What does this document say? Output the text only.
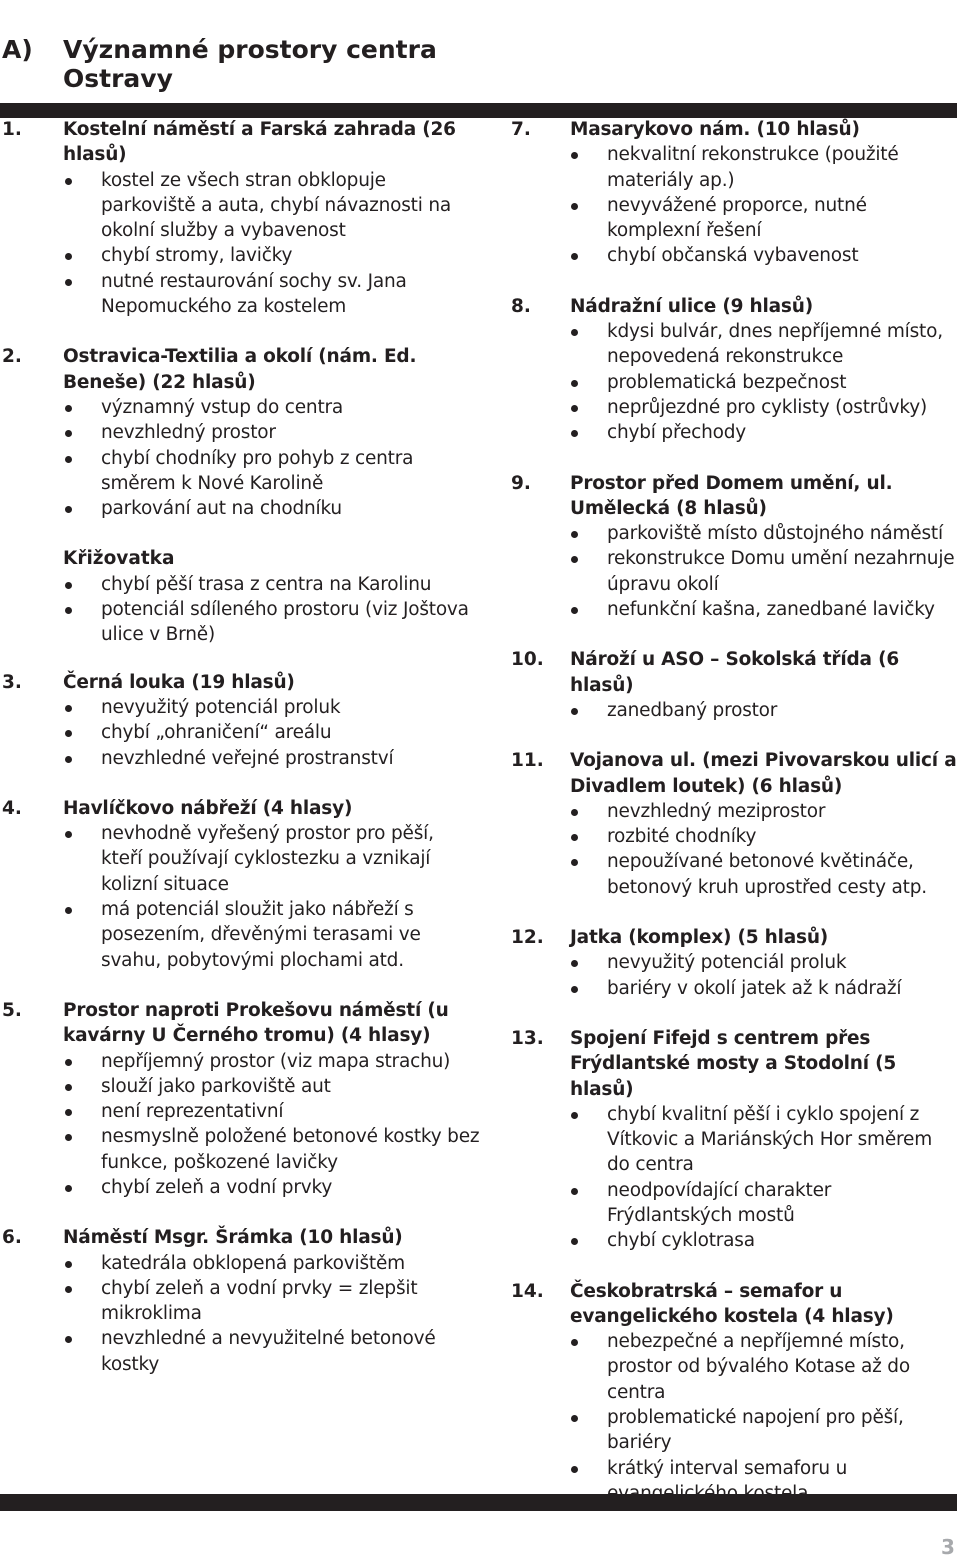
A) Významné prostory centra Ostravy
1. Kostelní náměstí a Farská zahrada (26 hlasů)
kostel ze všech stran obklopuje parkoviště a auta, chybí návaznosti na okolní služby a vybavenost
chybí stromy, lavičky
nutné restaurování sochy sv. Jana Nepomuckého za kostelem
2. Ostravica-Textilia a okolí (nám. Ed. Beneše) (22 hlasů)
významný vstup do centra
nevzhledný prostor
chybí chodníky pro pohyb z centra směrem k Nové Karolině
parkování aut na chodníku
Křižovatka
chybí pěší trasa z centra na Karolinu
potenciál sdíleného prostoru (viz Joštova ulice v Brně)
3. Černá louka (19 hlasů)
nevyužitý potenciál proluk
chybí „ohraničení“ areálu
nevzhledné veřejné prostranství
4. Havlíčkovo nábřeží (4 hlasy)
nevhodně vyřešený prostor pro pěší, kteří používají cyklostezku a vznikají kolizní situace
má potenciál sloužit jako nábřeží s posezením, dřevěnými terasami ve svahu, pobytovými plochami atd.
5. Prostor naproti Prokešovu náměstí (u kavárny U Černého tromu) (4 hlasy)
nepříjemný prostor (viz mapa strachu)
slouží jako parkoviště aut
není reprezentativní
nesmyslně položené betonové kostky bez funkce, poškozené lavičky
chybí zeleň a vodní prvky
6. Náměstí Msgr. Šrámka (10 hlasů)
katedrála obklopená parkovištěm
chybí zeleň a vodní prvky = zlepšit mikroklima
nevzhledné a nevyužitelné betonové kostky
7. Masarykovo nám. (10 hlasů)
nekvalitní rekonstrukce (použité materiály ap.)
nevyvážené proporce, nutné komplexní řešení
chybí občanská vybavenost
8. Nádražní ulice (9 hlasů)
kdysi bulvár, dnes nepříjemné místo, nepovedená rekonstrukce
problematická bezpečnost
neprůjezdné pro cyklisty (ostrůvky)
chybí přechody
9. Prostor před Domem umění, ul. Umělecká (8 hlasů)
parkoviště místo důstojného náměstí
rekonstrukce Domu umění nezahrnuje úpravu okolí
nefunkční kašna, zanedbané lavičky
10. Nároží u ASO – Sokolská třída (6 hlasů)
zanedbaný prostor
11. Vojanova ul. (mezi Pivovarskou ulicí a Divadlem loutek) (6 hlasů)
nevzhledný meziprostor
rozbité chodníky
nepoužívané betonové květináče, betonový kruh uprostřed cesty atp.
12. Jatka (komplex) (5 hlasů)
nevyužitý potenciál proluk
bariéry v okolí jatek až k nádraží
13. Spojení Fifejd s centrem přes Frýdlantské mosty a Stodolní (5 hlasů)
chybí kvalitní pěší i cyklo spojení z Vítkovic a Mariánských Hor směrem do centra
neodpovídající charakter Frýdlantských mostů
chybí cyklotrasa
14. Českobratrská – semafor u evangelického kostela (4 hlasy)
nebezpečné a nepříjemné místo, prostor od bývalého Kotase až do centra
problematické napojení pro pěší, bariéry
krátký interval semaforu u
3
